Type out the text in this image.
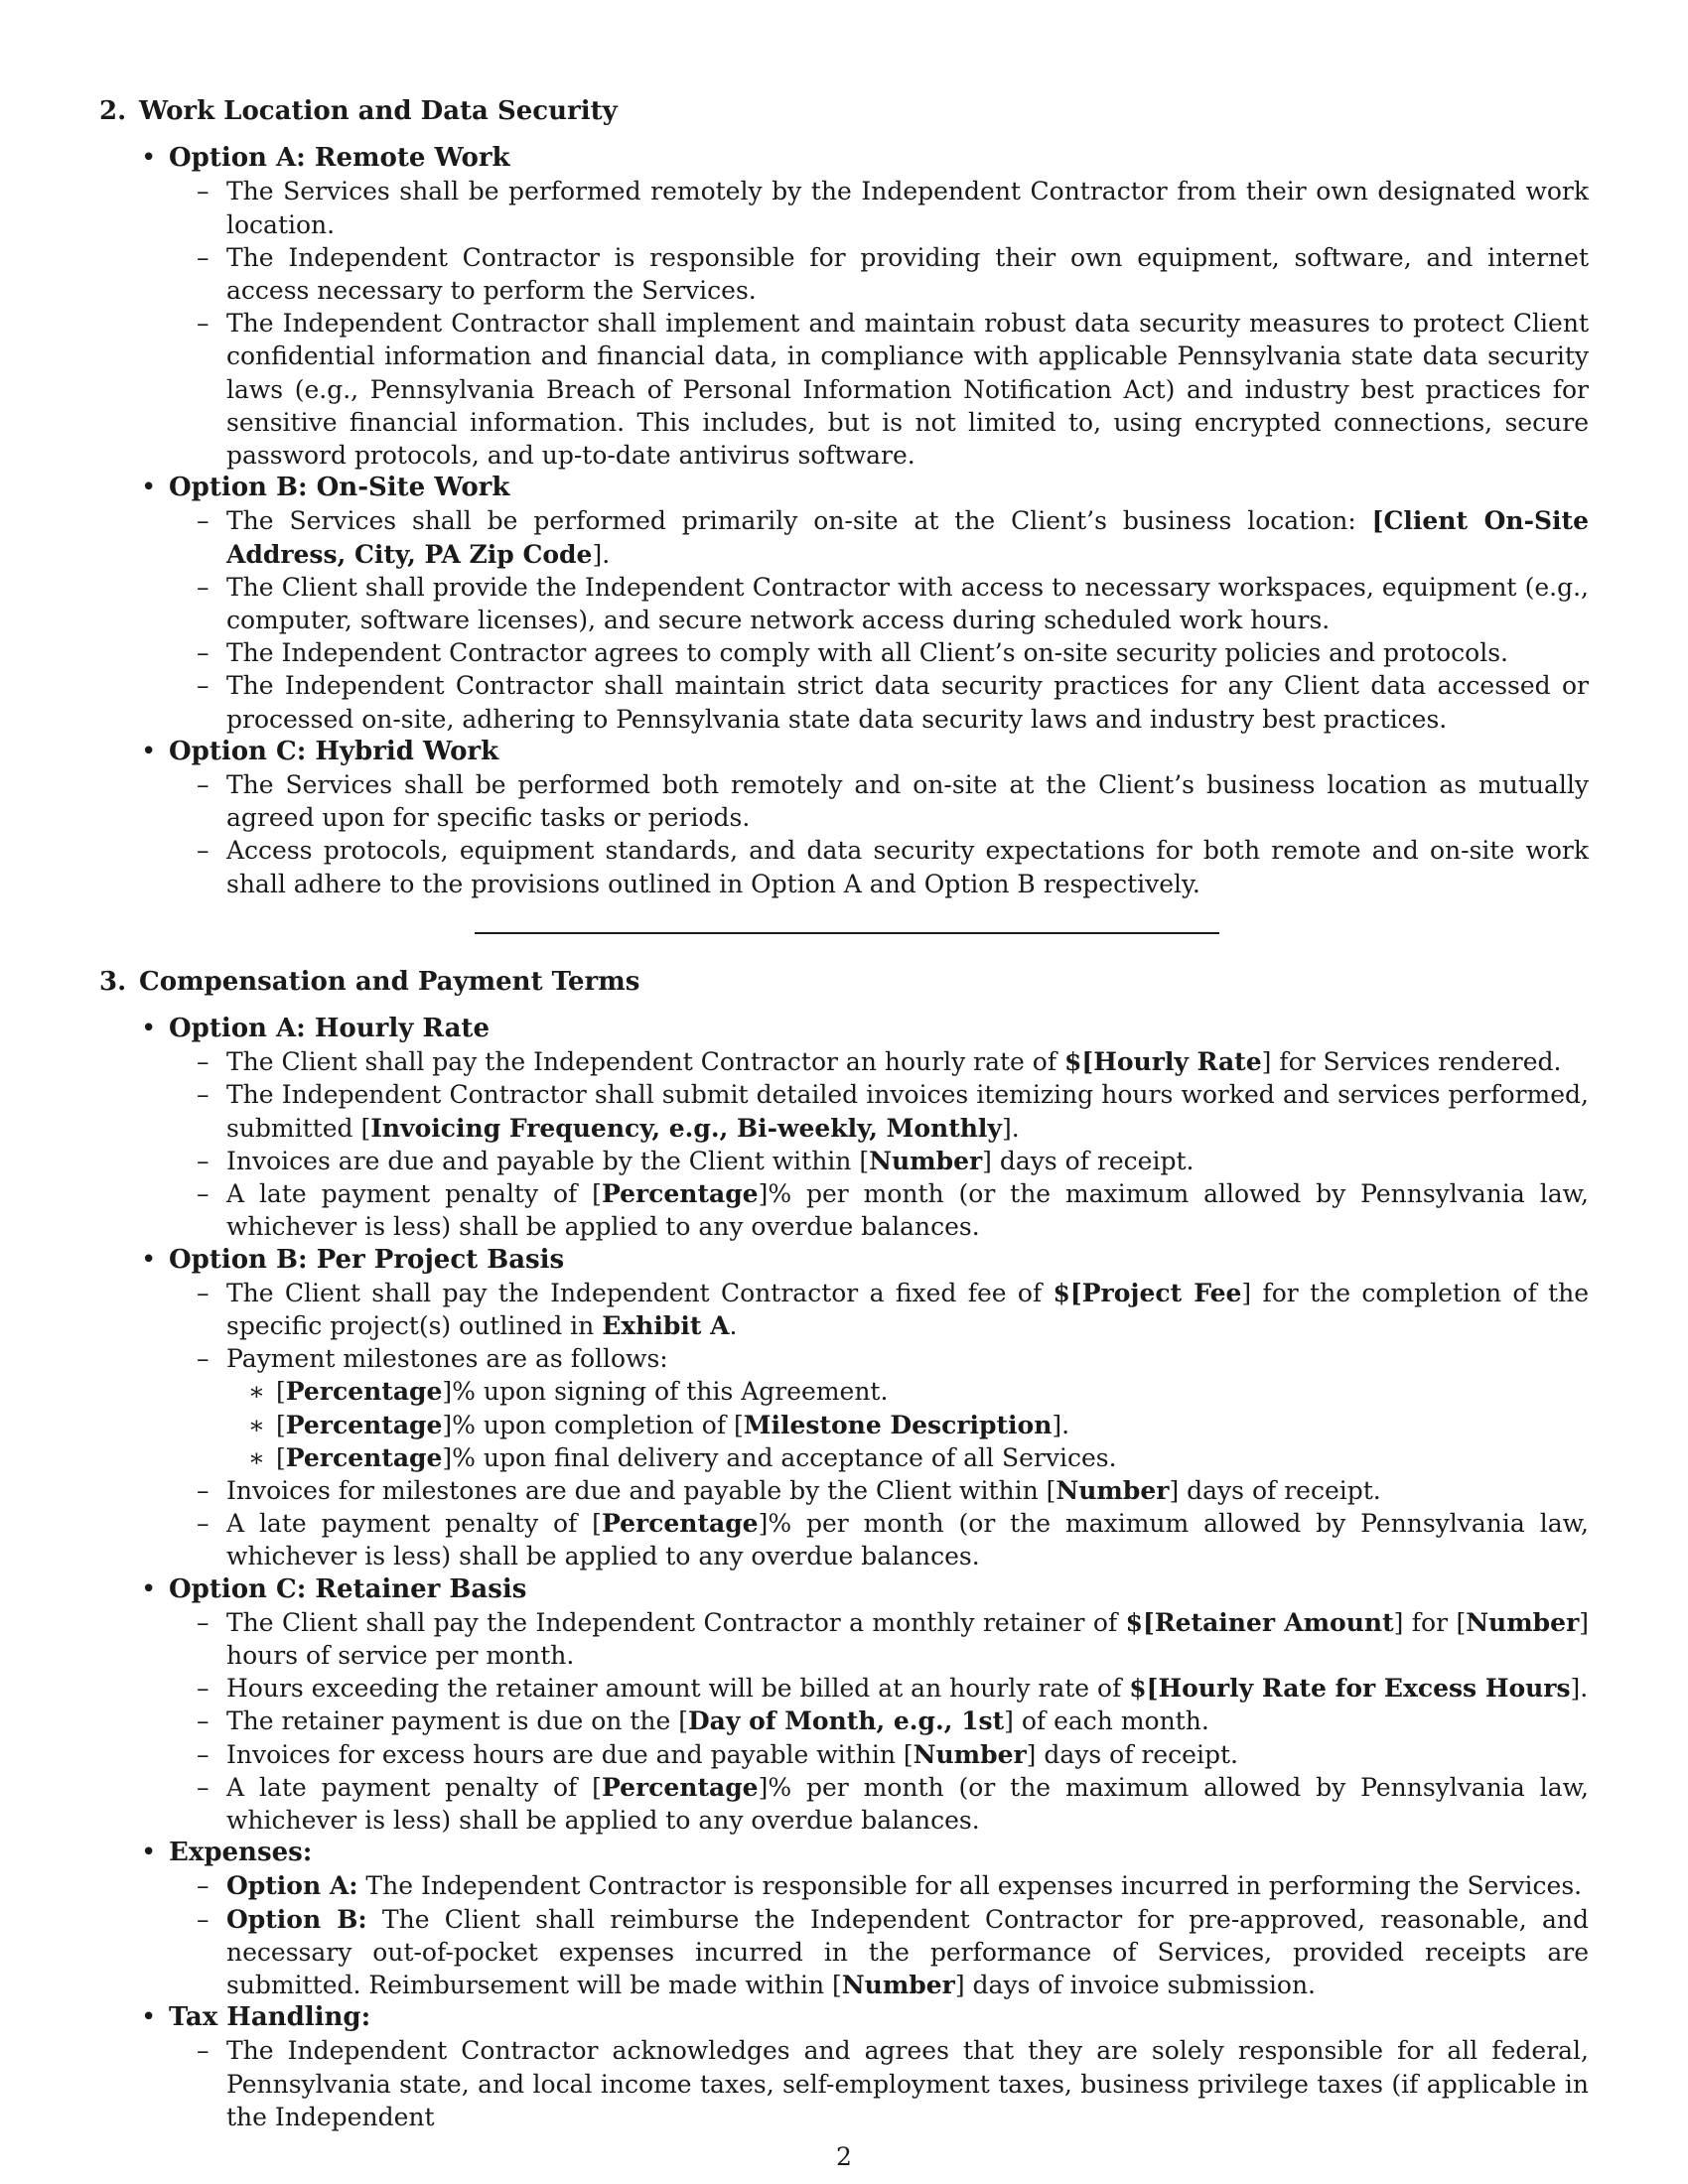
2. Work Location and Data Security
• Option A: Remote Work
– The Services shall be performed remotely by the Independent Contractor from their own designated work location.
– The Independent Contractor is responsible for providing their own equipment, software, and internet access necessary to perform the Services.
– The Independent Contractor shall implement and maintain robust data security measures to protect Client confidential information and financial data, in compliance with applicable Pennsylvania state data security laws (e.g., Pennsylvania Breach of Personal Information Notification Act) and industry best practices for sensitive financial information. This includes, but is not limited to, using encrypted connections, secure password protocols, and up-to-date antivirus software.
• Option B: On-Site Work
– The Services shall be performed primarily on-site at the Client’s business location: [Client On-Site Address, City, PA Zip Code].
– The Client shall provide the Independent Contractor with access to necessary workspaces, equipment (e.g., computer, software licenses), and secure network access during scheduled work hours.
– The Independent Contractor agrees to comply with all Client’s on-site security policies and protocols.
– The Independent Contractor shall maintain strict data security practices for any Client data accessed or processed on-site, adhering to Pennsylvania state data security laws and industry best practices.
• Option C: Hybrid Work
– The Services shall be performed both remotely and on-site at the Client’s business location as mutually agreed upon for specific tasks or periods.
– Access protocols, equipment standards, and data security expectations for both remote and on-site work shall adhere to the provisions outlined in Option A and Option B respectively.
3. Compensation and Payment Terms
• Option A: Hourly Rate
– The Client shall pay the Independent Contractor an hourly rate of $[Hourly Rate] for Services rendered.
– The Independent Contractor shall submit detailed invoices itemizing hours worked and services performed, submitted [Invoicing Frequency, e.g., Bi-weekly, Monthly].
– Invoices are due and payable by the Client within [Number] days of receipt.
– A late payment penalty of [Percentage]% per month (or the maximum allowed by Pennsylvania law, whichever is less) shall be applied to any overdue balances.
• Option B: Per Project Basis
– The Client shall pay the Independent Contractor a fixed fee of $[Project Fee] for the completion of the specific project(s) outlined in Exhibit A.
– Payment milestones are as follows:
∗ [Percentage]% upon signing of this Agreement.
∗ [Percentage]% upon completion of [Milestone Description].
∗ [Percentage]% upon final delivery and acceptance of all Services.
– Invoices for milestones are due and payable by the Client within [Number] days of receipt.
– A late payment penalty of [Percentage]% per month (or the maximum allowed by Pennsylvania law, whichever is less) shall be applied to any overdue balances.
• Option C: Retainer Basis
– The Client shall pay the Independent Contractor a monthly retainer of $[Retainer Amount] for [Number] hours of service per month.
– Hours exceeding the retainer amount will be billed at an hourly rate of $[Hourly Rate for Excess Hours].
– The retainer payment is due on the [Day of Month, e.g., 1st] of each month.
– Invoices for excess hours are due and payable within [Number] days of receipt.
– A late payment penalty of [Percentage]% per month (or the maximum allowed by Pennsylvania law, whichever is less) shall be applied to any overdue balances.
• Expenses:
– Option A: The Independent Contractor is responsible for all expenses incurred in performing the Services.
– Option B: The Client shall reimburse the Independent Contractor for pre-approved, reasonable, and necessary out-of-pocket expenses incurred in the performance of Services, provided receipts are submitted. Reimbursement will be made within [Number] days of invoice submission.
• Tax Handling:
– The Independent Contractor acknowledges and agrees that they are solely responsible for all federal, Pennsylvania state, and local income taxes, self-employment taxes, business privilege taxes (if applicable in the Independent
2
